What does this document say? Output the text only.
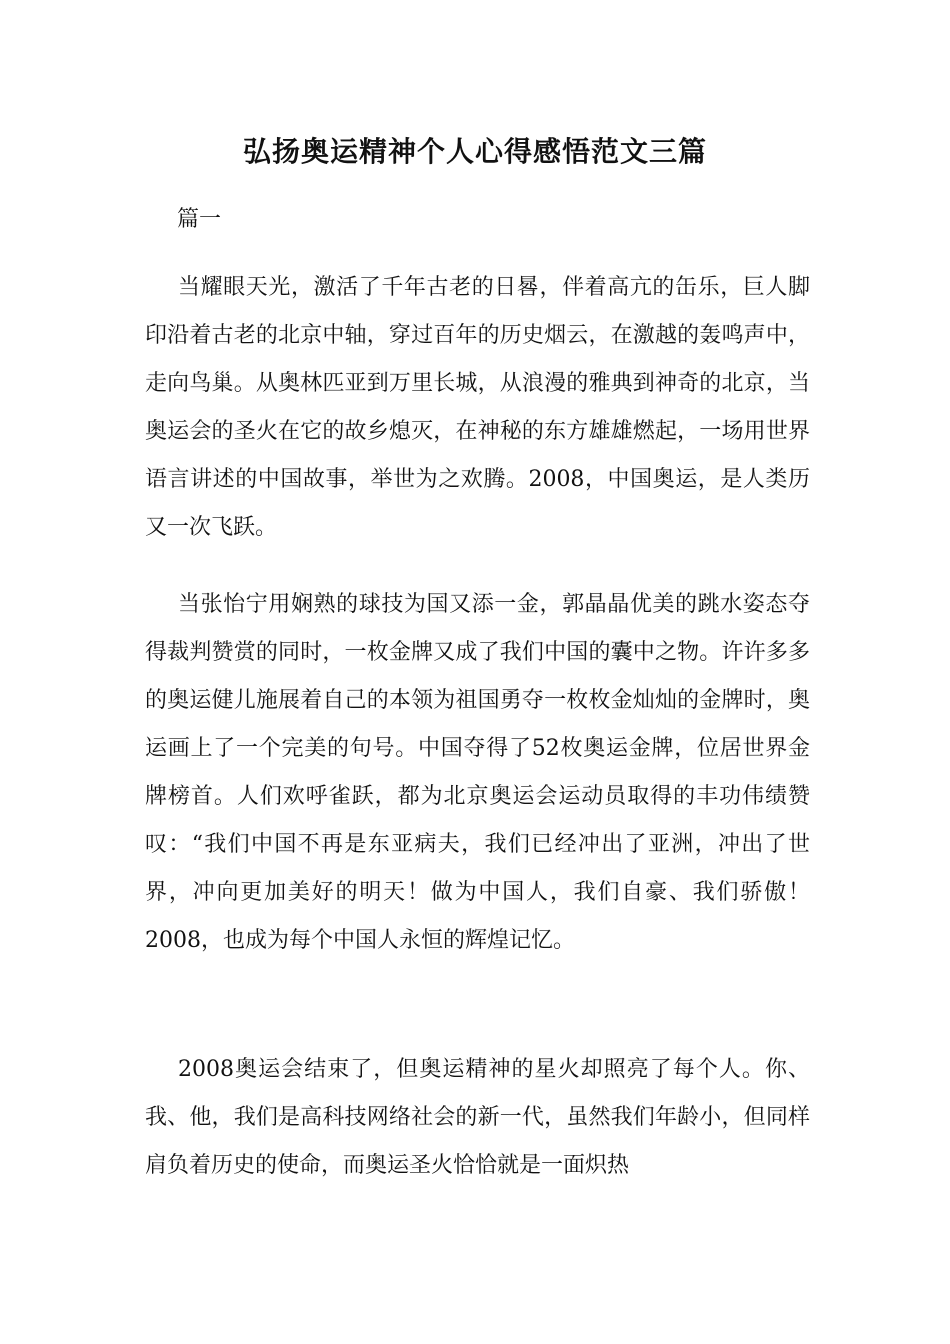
弘扬奥运精神个人心得感悟范文三篇
篇一

当耀眼天光，激活了千年古老的日晷，伴着高亢的缶乐，巨人脚印沿着古老的北京中轴，穿过百年的历史烟云，在激越的轰鸣声中，走向鸟巢。从奥林匹亚到万里长城，从浪漫的雅典到神奇的北京，当奥运会的圣火在它的故乡熄灭，在神秘的东方雄雄燃起，一场用世界语言讲述的中国故事，举世为之欢腾。2008，中国奥运，是人类历又一次飞跃。

当张怡宁用娴熟的球技为国又添一金，郭晶晶优美的跳水姿态夺得裁判赞赏的同时，一枚金牌又成了我们中国的囊中之物。许许多多的奥运健儿施展着自己的本领为祖国勇夺一枚枚金灿灿的金牌时，奥运画上了一个完美的句号。中国夺得了52枚奥运金牌，位居世界金牌榜首。人们欢呼雀跃，都为北京奥运会运动员取得的丰功伟绩赞叹：“我们中国不再是东亚病夫，我们已经冲出了亚洲，冲出了世界，冲向更加美好的明天！做为中国人，我们自豪、我们骄傲！2008，也成为每个中国人永恒的辉煌记忆。

2008奥运会结束了，但奥运精神的星火却照亮了每个人。你、我、他，我们是高科技网络社会的新一代，虽然我们年龄小，但同样肩负着历史的使命，而奥运圣火恰恰就是一面炽热
